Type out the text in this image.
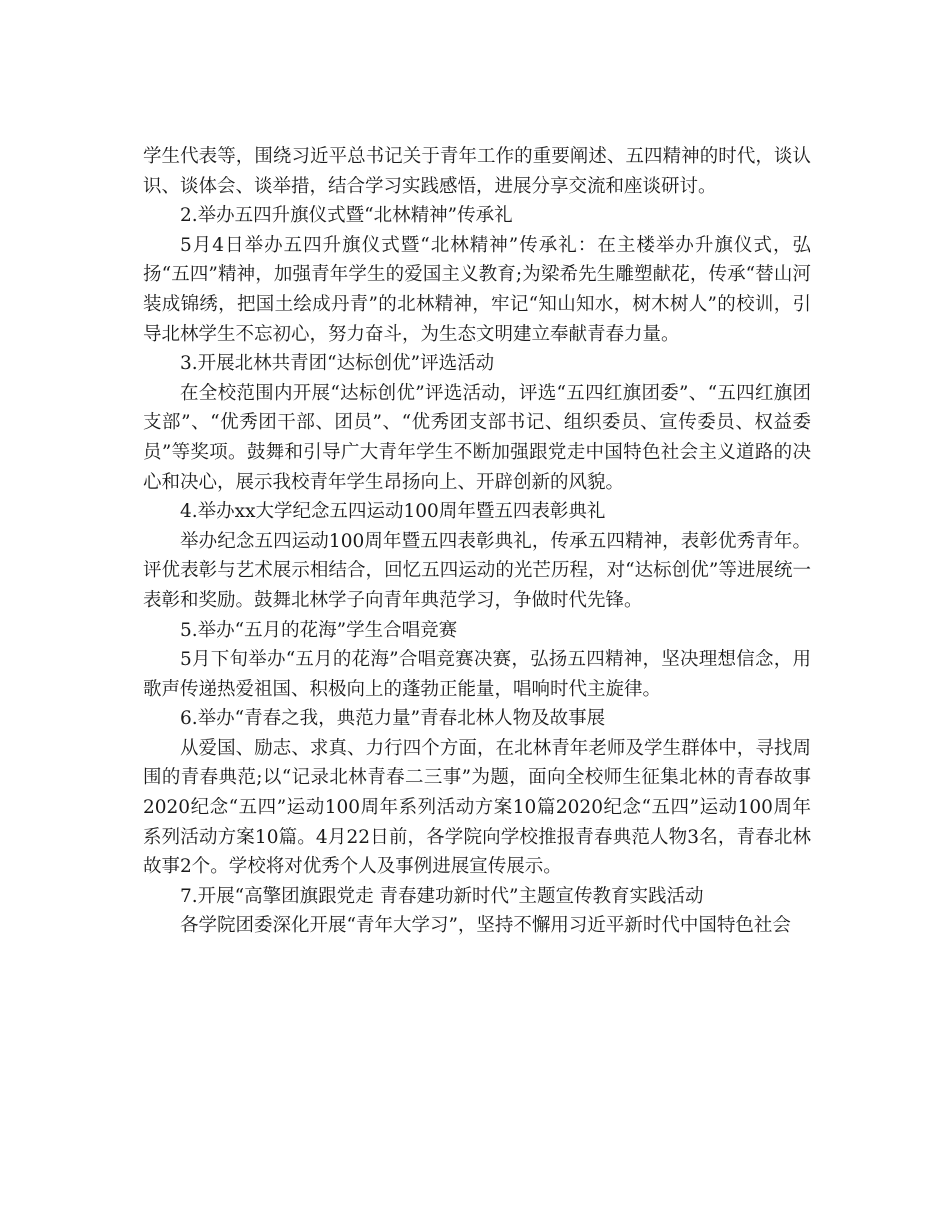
学生代表等，围绕习近平总书记关于青年工作的重要阐述、五四精神的时代，谈认识、谈体会、谈举措，结合学习实践感悟，进展分享交流和座谈研讨。

2.举办五四升旗仪式暨“北林精神”传承礼

5月4日举办五四升旗仪式暨“北林精神”传承礼：在主楼举办升旗仪式，弘扬“五四”精神，加强青年学生的爱国主义教育;为梁希先生雕塑献花，传承“替山河装成锦绣，把国土绘成丹青”的北林精神，牢记“知山知水，树木树人”的校训，引导北林学生不忘初心，努力奋斗，为生态文明建立奉献青春力量。

3.开展北林共青团“达标创优”评选活动

在全校范围内开展“达标创优”评选活动，评选“五四红旗团委”、“五四红旗团支部”、“优秀团干部、团员”、“优秀团支部书记、组织委员、宣传委员、权益委员”等奖项。鼓舞和引导广大青年学生不断加强跟党走中国特色社会主义道路的决心和决心，展示我校青年学生昂扬向上、开辟创新的风貌。

4.举办xx大学纪念五四运动100周年暨五四表彰典礼

举办纪念五四运动100周年暨五四表彰典礼，传承五四精神，表彰优秀青年。评优表彰与艺术展示相结合，回忆五四运动的光芒历程，对“达标创优”等进展统一表彰和奖励。鼓舞北林学子向青年典范学习，争做时代先锋。

5.举办“五月的花海”学生合唱竞赛

5月下旬举办“五月的花海”合唱竞赛决赛，弘扬五四精神，坚决理想信念，用歌声传递热爱祖国、积极向上的蓬勃正能量，唱响时代主旋律。

6.举办“青春之我，典范力量”青春北林人物及故事展

从爱国、励志、求真、力行四个方面，在北林青年老师及学生群体中，寻找周围的青春典范;以“记录北林青春二三事”为题，面向全校师生征集北林的青春故事2020纪念“五四”运动100周年系列活动方案10篇2020纪念“五四”运动100周年系列活动方案10篇。4月22日前，各学院向学校推报青春典范人物3名，青春北林故事2个。学校将对优秀个人及事例进展宣传展示。

7.开展“高擎团旗跟党走 青春建功新时代”主题宣传教育实践活动

各学院团委深化开展“青年大学习”，坚持不懈用习近平新时代中国特色社会
